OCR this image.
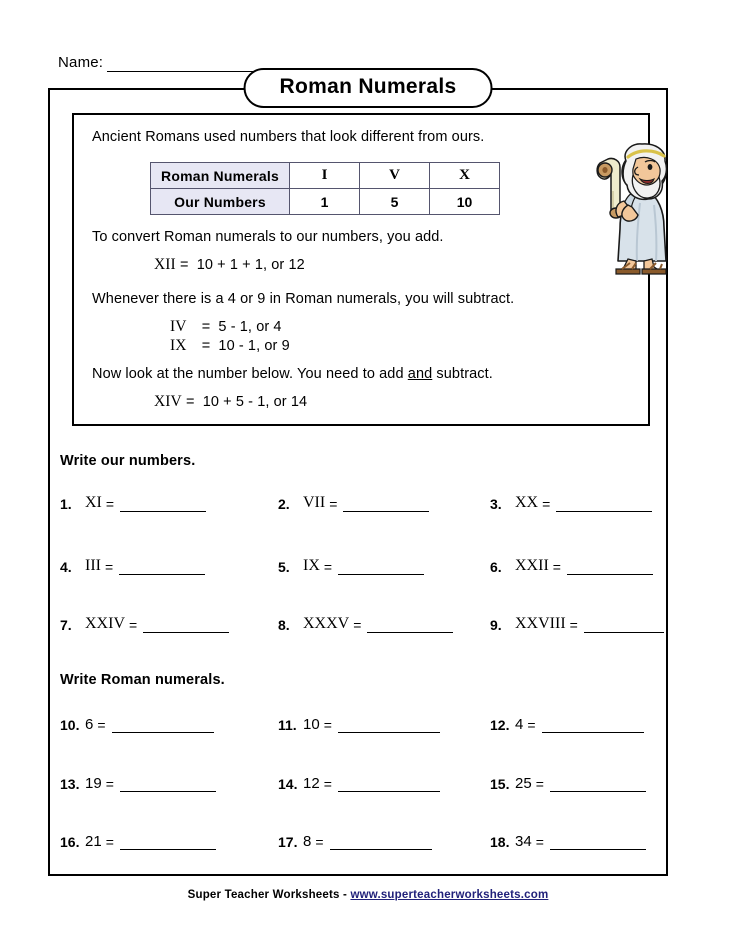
Name:
Roman Numerals
Ancient Romans used numbers that look different from ours.
Roman Numerals	I	V	X
Our Numbers	1	5	10
To convert Roman numerals to our numbers, you add.
XII = 10 + 1 + 1, or 12
Whenever there is a 4 or 9 in Roman numerals, you will subtract.
IV = 5 - 1, or 4
IX = 10 - 1, or 9
Now look at the number below. You need to add and subtract.
XIV = 10 + 5 - 1, or 14
Write our numbers.
1. XI =	2. VII =	3. XX =
4. III =	5. IX =	6. XXII =
7. XXIV =	8. XXXV =	9. XXVIII =
Write Roman numerals.
10. 6 =	11. 10 =	12. 4 =
13. 19 =	14. 12 =	15. 25 =
16. 21 =	17. 8 =	18. 34 =
Super Teacher Worksheets - www.superteacherworksheets.com
